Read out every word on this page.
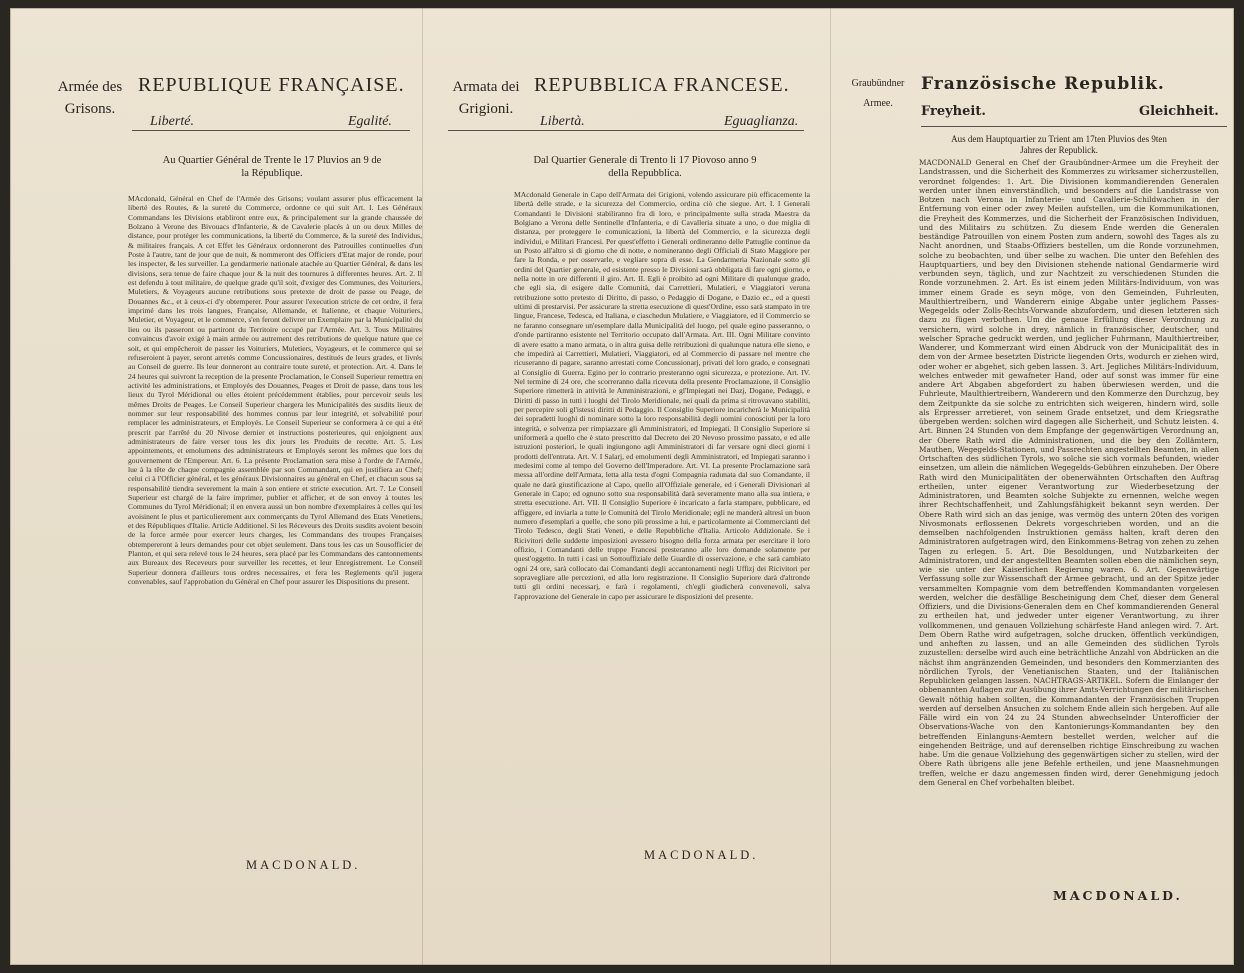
Armée des Grisons.
REPUBLIQUE FRANÇAISE.
Liberté.	Egalité.
Au Quartier Général de Trente le 17 Pluvios an 9 de la République.
MAcdonald, Général en Chef de l'Armée des Grisons; voulant assurer plus efficacement la liberté des Routes, & la sureté du Commerce, ordonne ce qui suit Art. I. Les Généraux Commandans les Divisions etabliront entre eux, & principalement sur la grande chaussée de Bolzano à Verone des Bivouacs d'Infanterie, & de Cavalerie placés à un ou deux Milles de distance, pour protéger les communications, la liberté du Commerce, & la sureté des Individus, & militaires français. A cet Effet les Généraux ordonneront des Patrouilles continuelles d'un Poste à l'autre, tant de jour que de nuit, & nommeront des Officiers d'Etat major de ronde, pour les inspecter, & les surveiller. La gendarmerie nationale atachée au Quartier Général, & dans les divisions, sera tenue de faire chaque jour & la nuit des tournures à differentes heures. Art. 2. Il est defendu à tout militaire, de quelque grade qu'il soit, d'exiger des Communes, des Voituriers, Muletiers, & Voyageurs aucune retributions sous pretexte de droit de passe ou Peage, de Douannes &c., et à ceux-ci d'y obtemperer. Pour assurer l'execution stricte de cet ordre, il fera imprimé dans les trois langues, Française, Allemande, et Italienne, et chaque Voituriers, Muletier, et Voyageur, et le commerce, s'en feront delivrer un Exemplaire par la Municipalité du lieu ou ils passeront ou partiront du Territoire occupé par l'Armée. Art. 3. Tous Militaires convaincus d'avoir exigé à main armée ou autrement des retributions de quelque nature que ce soit, et qui empêcheroit de passer les Voituriers, Muletiers, Voyageurs, et le commerce qui se refuseroient à payer, seront arretés comme Concussionaires, destitués de leurs grades, et livrés au Conseil de guerre. Ils leur donneront au contraire toute sureté, et protection. Art. 4. Dans le 24 heures qui suivront la reception de la presente Proclamation, le Conseil Superieur remettra en activité les administrations, et Employés des Douannes, Peages et Droit de passe, dans tous les lieux du Tyrol Méridional ou elles étoient précédemment établies, pour percevoir seuls les mêmes Droits de Peages. Le Conseil Superieur chargera les Municipalités des susdits lieux de nommer sur leur responsabilité des hommes connus par leur integrité, et solvabilité pour remplacer les administrateurs, et Employés. Le Conseil Superieur se conformera à ce qui a été prescrit par l'arrêté du 20 Nivose dernier et instructions posterieures, qui enjoignent aux administrateurs de faire verser tous les dix jours les Produits de recette. Art. 5. Les appointements, et emolumens des administrateurs et Employés seront les mêmes que lors du gouvernement de l'Empereur. Art. 6. La présente Proclamation sera mise à l'ordre de l'Armée, lue à la tête de chaque compagnie assemblée par son Commandant, qui en justifiera au Chef; celui ci à l'Officier général, et les généraux Divisionnaires au général en Chef, et chacun sous sa responsabilité tiendra severement la main à son entiere et stricte execution. Art. 7. Le Conseil Superieur est chargé de la faire imprimer, publier et afficher, et de son envoy à toutes les Communes du Tyrol Méridional; il en envera aussi un bon nombre d'exemplaires à celles qui les avoisinent le plus et particulierement aux commerçants du Tyrol Allemand des Etats Venetiens, et des Républiques d'Italie. Article Additionel. Si les Réceveurs des Droits susdits avoient besoin de la force armée pour exercer leurs charges, les Commandans des troupes Françaises obtempereront à leurs demandes pour cet objet seulement. Dans tous les cas un Sousofficier de Planton, et qui sera relevé tous le 24 heures, sera placé par les Commandans des cantonnements aux Bureaux des Receveurs pour surveiller les recettes, et leur Enregistrement. Le Conseil Superieur donnera d'ailleurs tous ordres necessaires, et fera les Reglements qu'il jugera convenables, sauf l'approbation du Général en Chef pour assurer les Dispositions du present.
MACDONALD.
Armata dei Grigioni.
REPUBBLICA FRANCESE.
Libertà.	Eguaglianza.
Dal Quartier Generale di Trento li 17 Piovoso anno 9 della Repubblica.
MAcdonald Generale in Capo dell'Armata dei Grigioni, volendo assicurare più efficacemente la libertà delle strade, e la sicurezza del Commercio, ordina ciò che siegue. Art. I. I Generali Comandanti le Divisioni stabiliranno fra di loro, e principalmente sulla strada Maestra da Bolgiano a Verona delle Sentinelle d'Infanteria, e di Cavalleria situate a uno, o due miglia di distanza, per proteggere le comunicazioni, la libertà del Commercio, e la sicurezza degli individui, e Militari Francesi. Per quest'effetto i Generali ordineranno delle Pattuglie continue da un Posto all'altro si di giorno che di notte, e nomineranno degli Officiali di Stato Maggiore per fare la Ronda, e per osservarle, e vegliare sopra di esse. La Gendarmeria Nazionale sotto gli ordini del Quartier generale, ed esistente presso le Divisioni sarà obbligata di fare ogni giorno, e nella notte in ore differenti il giro. Art. II. Egli è proibito ad ogni Militare di qualunque grado, che egli sia, di esigere dalle Comunità, dai Carrettieri, Mulatieri, e Viaggiatori veruna retribuzione sotto pretesto di Diritto, di passo, o Pedaggio di Dogane, e Dazio ec., ed a questi ultimi di prestarvisi. Per assicurare la stretta esecuzione di quest'Ordine, esso sarà stampato in tre lingue, Francese, Tedesca, ed Italiana, e ciaschedun Mulatiere, e Viaggiatore, ed il Commercio se ne faranno consegnare un'esemplare dalla Municipalità del luogo, pel quale egino passeranno, o d'onde partiranno esistente nel Territorio occupato dall'Armata. Art. III. Ogni Militare convinto di avere esatto a mano armata, o in altra guisa delle retribuzioni di qualunque natura elle sieno, e che impedirà ai Carrettieri, Mulatieri, Viaggiatori, ed al Commercio di passare nel mentre che ricuseranno di pagare, saranno arrestati come Concussionarj, privati del loro grado, e consegnati al Consiglio di Guerra. Egino per lo contrario presteranno ogni sicurezza, e protezione. Art. IV. Nel termine di 24 ore, che scorreranno dalla ricevuta della presente Proclamazione, il Consiglio Superiore rimetterà in attività le Amministrazioni, e gl'Impiegati nei Dazj, Dogane, Pedaggi, e Diritti di passo in tutti i luoghi del Tirolo Meridionale, nei quali da prima si ritrovavano stabiliti, per percepire soli gl'istessi diritti di Pedaggio. Il Consiglio Superiore incaricherà le Municipalità dei sopradetti luoghi di nominare sotto la loro responsabilità degli uomini conosciuti per la loro integrità, e solvenza per rimpiazzare gli Amministratori, ed Impiegati. Il Consiglio Superiore si uniformerà a quello che è stato prescritto dal Decreto dei 20 Nevoso prossimo passato, e ed alle istruzioni posteriori, le quali ingiungono agli Amministratori di far versare ogni dieci giorni i prodotti dell'entrata. Art. V. I Salarj, ed emolumenti degli Amministratori, ed Impiegati saranno i medesimi come al tempo del Governo dell'Imperadore. Art. VI. La presente Proclamazione sarà messa all'ordine dell'Armata, letta alla testa d'ogni Compagnia radunata dal suo Comandante, il quale ne darà giustificazione al Capo, quello all'Offiziale generale, ed i Generali Divisionari al Generale in Capo; ed ognuno sotto sua responsabilità darà severamente mano alla sua intiera, e stretta esecuzione. Art. VII. Il Consiglio Superiore è incaricato a farla stampare, pubblicare, ed affiggere, ed inviarla a tutte le Comunità del Tirolo Meridionale; egli ne manderà altresì un buon numero d'esemplari a quelle, che sono più prossime a lui, e particolarmente ai Commercianti del Tirolo Tedesco, degli Stati Veneti, e delle Repubbliche d'Italia. Articolo Addizionale. Se i Ricivitori delle suddette imposizioni avessero bisogno della forza armata per esercitare il loro offizio, i Comandanti delle truppe Francesi presteranno alle loro domande solamente per quest'oggetto. In tutti i casi un Sottouffiziale delle Guardie di osservazione, e che sarà cambiato ogni 24 ore, sarà collocato dai Comandanti degli accantonamenti negli Uffizj dei Ricivitori per sopravegliare alle percezioni, ed alla loro registrazione. Il Consiglio Superiore darà d'altronde tutti gli ordini necessarj, e farà i regolamenti, ch'egli giudicherà convenevoli, salva l'approvazione del Generale in capo per assicurare le disposizioni del presente.
MACDONALD.
Graubündner Armee.
Französische Republik.
Freyheit.	Gleichheit.
Aus dem Hauptquartier zu Trient am 17ten Pluvios des 9ten Jahres der Republick.
MACDONALD General en Chef der Graubündner-Armee um die Freyheit der Landstrassen, und die Sicherheit des Kommerzes zu wirksamer sicherzustellen, verordnet folgendes: 1. Art. Die Divisionen kommandierenden Generalen werden unter ihnen einverständlich, und besonders auf die Landstrasse von Botzen nach Verona in Infanterie- und Cavallerie-Schildwachen in der Entfernung von einer oder zwey Meilen aufstellen, um die Kommunikationen, die Freyheit des Kommerzes, und die Sicherheit der Französischen Individuen, und des Militairs zu schützen. Zu diesem Ende werden die Generalen beständige Patrouillen von einem Posten zum andern, sowohl des Tages als zu Nacht anordnen, und Staabs-Offiziers bestellen, um die Ronde vorzunehmen, solche zu beobachten, und über selbe zu wachen. Die unter den Befehlen des Hauptquartiers, und bey den Divisionen stehende national Gendarmerie wird verbunden seyn, täglich, und zur Nachtzeit zu verschiedenen Stunden die Ronde vorzunehmen. 2. Art. Es ist einem jeden Militärs-Individuum, von was immer einem Grade es seyn möge, von den Gemeinden, Fuhrleuten, Maulthiertreibern, und Wanderern einige Abgabe unter jeglichem Passes-Wegegelds oder Zolls-Rechts-Vorwande abzufordern, und diesen letzteren sich dazu zu fügen verbothen. Um die genaue Erfüllung dieser Verordnung zu versichern, wird solche in drey, nämlich in französischer, deutscher, und welscher Sprache gedruckt werden, und jeglicher Fuhrmann, Maulthiertreiber, Wanderer, und Kommerzant wird einen Abdruck von der Municipalität des in dem von der Armee besetzten Districte liegenden Orts, wodurch er ziehen wird, oder woher er abgehet, sich geben lassen. 3. Art. Jegliches Militärs-Individuum, welches entweder mit gewafneter Hand, oder auf sonst was immer für eine andere Art Abgaben abgefordert zu haben überwiesen werden, und die Fuhrleute, Maulthiertreibern, Wanderern und den Kommerze den Durchzug, bey dem Zeitpunkte da sie solche zu entrichten sich weigeren, hindern wird, solle als Erpresser arretieret, von seinem Grade entsetzet, und dem Kriegsrathe übergeben werden: solchen wird dagegen alle Sicherheit, und Schutz leisten. 4. Art. Binnen 24 Stunden von dem Empfange der gegenwärtigen Verordnung an, der Obere Rath wird die Administrationen, und die bey den Zollämtern, Mauthen, Wegegelds-Stationen, und Passrechten angestellten Beamten, in allen Ortschaften des südlichen Tyrols, wo solche sie sich vormals befunden, wieder einsetzen, um allein die nämlichen Wegegelds-Gebühren einzuheben. Der Obere Rath wird den Municipalitäten der obenerwähnten Ortschaften den Auftrag ertheilen, unter eigener Verantwortung zur Wiederbesetzung der Administratoren, und Beamten solche Subjekte zu ernennen, welche wegen ihrer Rechtschaffenheit, und Zahlungsfähigkeit bekannt seyn werden. Der Obere Rath wird sich an das jenige, was vermög des untern 20ten des vorigen Nivosmonats erflossenen Dekrets vorgeschrieben worden, und an die demselben nachfolgenden Instruktionen gemäss halten, kraft deren den Administratoren aufgetragen wird, den Einkommens-Betrag von zehen zu zehen Tagen zu erlegen. 5. Art. Die Besoldungen, und Nutzbarkeiten der Administratoren, und der angestellten Beamten sollen eben die nämlichen seyn, wie sie unter der Kaiserlichen Regierung waren. 6. Art. Gegenwärtige Verfassung solle zur Wissenschaft der Armee gebracht, und an der Spitze jeder versammelten Kompagnie vom dem betreffenden Kommandanten vorgelesen werden, welcher die desfällige Bescheinigung dem Chef, dieser dem General Offiziers, und die Divisions-Generalen dem en Chef kommandierenden General zu ertheilen hat, und jedweder unter eigener Verantwortung, zu ihrer vollkommenen, und genauen Vollziehung schärfeste Hand anlegen wird. 7. Art. Dem Obern Rathe wird aufgetragen, solche drucken, öffentlich verkündigen, und anheften zu lassen, und an alle Gemeinden des südlichen Tyrols zuzustellen: derselbe wird auch eine beträchtliche Anzahl von Abdrücken an die nächst ihm angränzenden Gemeinden, und besonders den Kommerzianten des nördlichen Tyrols, der Venetianischen Staaten, und der Italiänischen Republicken gelangen lassen. NACHTRAGS-ARTIKEL. Sofern die Einlanger der obbenannten Auflagen zur Ausübung ihrer Amts-Verrichtungen der militärischen Gewalt nöthig haben sollten, die Kommandanten der Französischen Truppen werden auf derselben Ansuchen zu solchem Ende allein sich hergeben. Auf alle Fälle wird ein von 24 zu 24 Stunden abwechselnder Unterofficier der Observations-Wache von den Kantonierungs-Kommandanten bey den betreffenden Einlanguns-Aemtern bestellet werden, welcher auf die eingehenden Beiträge, und auf derenselben richtige Einschreibung zu wachen habe. Um die genaue Vollziehung des gegenwärtigen sicher zu stellen, wird der Obere Rath übrigens alle jene Befehle ertheilen, und jene Maasnehmungen treffen, welche er dazu angemessen finden wird, derer Genehmigung jedoch dem General en Chef vorbehalten bleibet.
MACDONALD.
